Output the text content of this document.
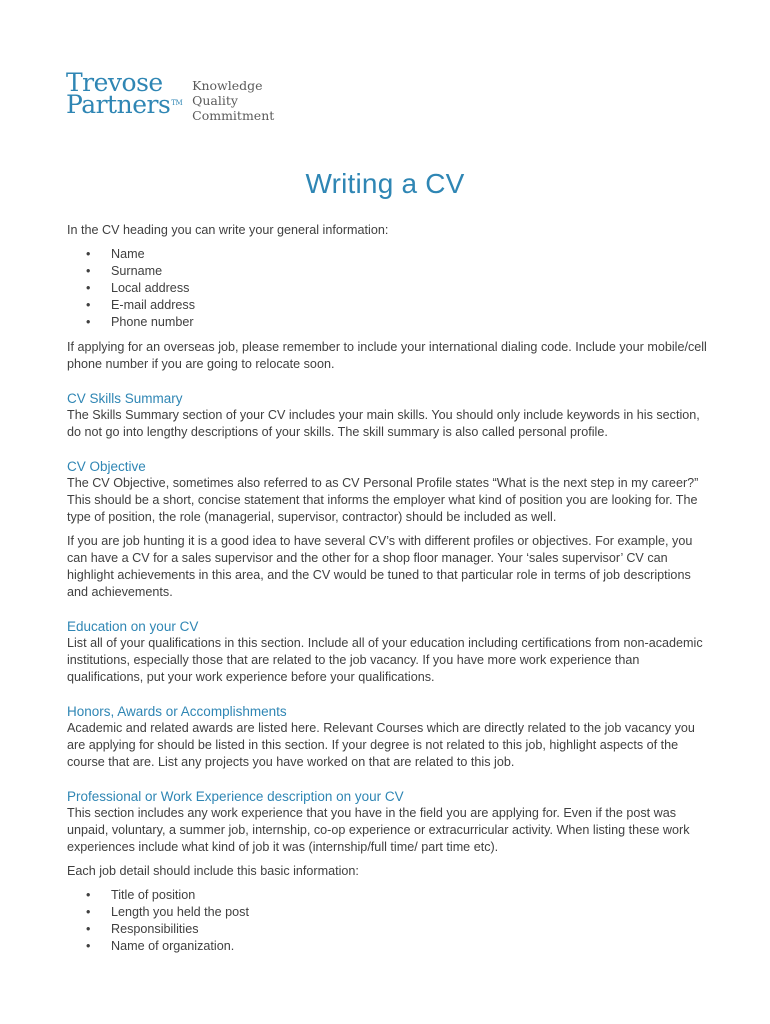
Trevose
Partners™
Knowledge
Quality
Commitment
Writing a CV

In the CV heading you can write your general information:

• Name
• Surname
• Local address
• E-mail address
• Phone number

If applying for an overseas job, please remember to include your international dialing code. Include your mobile/cell phone number if you are going to relocate soon.

CV Skills Summary

The Skills Summary section of your CV includes your main skills. You should only include keywords in his section, do not go into lengthy descriptions of your skills. The skill summary is also called personal profile.

CV Objective

The CV Objective, sometimes also referred to as CV Personal Profile states “What is the next step in my career?” This should be a short, concise statement that informs the employer what kind of position you are looking for. The type of position, the role (managerial, supervisor, contractor) should be included as well.

If you are job hunting it is a good idea to have several CV’s with different profiles or objectives. For example, you can have a CV for a sales supervisor and the other for a shop floor manager. Your ‘sales supervisor’ CV can highlight achievements in this area, and the CV would be tuned to that particular role in terms of job descriptions and achievements.

Education on your CV

List all of your qualifications in this section. Include all of your education including certifications from non-academic institutions, especially those that are related to the job vacancy. If you have more work experience than qualifications, put your work experience before your qualifications.

Honors, Awards or Accomplishments

Academic and related awards are listed here. Relevant Courses which are directly related to the job vacancy you are applying for should be listed in this section. If your degree is not related to this job, highlight aspects of the course that are. List any projects you have worked on that are related to this job.

Professional or Work Experience description on your CV

This section includes any work experience that you have in the field you are applying for. Even if the post was unpaid, voluntary, a summer job, internship, co-op experience or extracurricular activity. When listing these work experiences include what kind of job it was (internship/full time/ part time etc).

Each job detail should include this basic information:

• Title of position
• Length you held the post
• Responsibilities
• Name of organization.
